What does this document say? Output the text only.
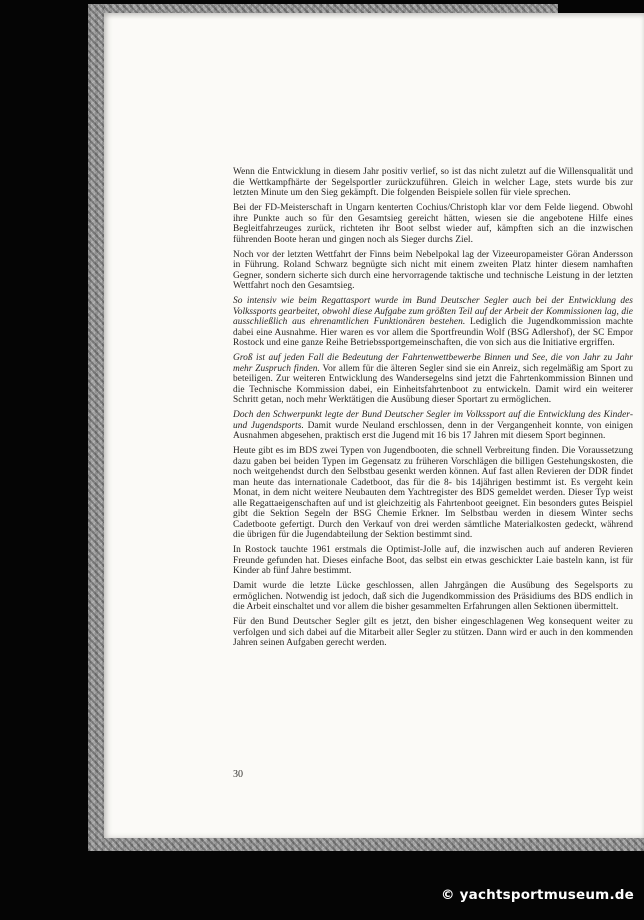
Wenn die Entwicklung in diesem Jahr positiv verlief, so ist das nicht zuletzt auf die Willensqualität und die Wettkampfhärte der Segelsportler zurückzuführen. Gleich in welcher Lage, stets wurde bis zur letzten Minute um den Sieg gekämpft. Die folgenden Beispiele sollen für viele sprechen.

Bei der FD-Meisterschaft in Ungarn kenterten Cochius/Christoph klar vor dem Felde liegend. Obwohl ihre Punkte auch so für den Gesamtsieg gereicht hätten, wiesen sie die angebotene Hilfe eines Begleitfahrzeuges zurück, richteten ihr Boot selbst wieder auf, kämpften sich an die inzwischen führenden Boote heran und gingen noch als Sieger durchs Ziel.

Noch vor der letzten Wettfahrt der Finns beim Nebelpokal lag der Vizeeuropameister Göran Andersson in Führung. Roland Schwarz begnügte sich nicht mit einem zweiten Platz hinter diesem namhaften Gegner, sondern sicherte sich durch eine hervorragende taktische und technische Leistung in der letzten Wettfahrt noch den Gesamtsieg.

So intensiv wie beim Regattasport wurde im Bund Deutscher Segler auch bei der Entwicklung des Volkssports gearbeitet, obwohl diese Aufgabe zum größten Teil auf der Arbeit der Kommissionen lag, die ausschließlich aus ehrenamtlichen Funktionären bestehen. Lediglich die Jugendkommission machte dabei eine Ausnahme. Hier waren es vor allem die Sportfreundin Wolf (BSG Adlershof), der SC Empor Rostock und eine ganze Reihe Betriebssportgemeinschaften, die von sich aus die Initiative ergriffen.

Groß ist auf jeden Fall die Bedeutung der Fahrtenwettbewerbe Binnen und See, die von Jahr zu Jahr mehr Zuspruch finden. Vor allem für die älteren Segler sind sie ein Anreiz, sich regelmäßig am Sport zu beteiligen. Zur weiteren Entwicklung des Wandersegelns sind jetzt die Fahrtenkommission Binnen und die Technische Kommission dabei, ein Einheitsfahrtenboot zu entwickeln. Damit wird ein weiterer Schritt getan, noch mehr Werktätigen die Ausübung dieser Sportart zu ermöglichen.

Doch den Schwerpunkt legte der Bund Deutscher Segler im Volkssport auf die Entwicklung des Kinder- und Jugendsports. Damit wurde Neuland erschlossen, denn in der Vergangenheit konnte, von einigen Ausnahmen abgesehen, praktisch erst die Jugend mit 16 bis 17 Jahren mit diesem Sport beginnen.

Heute gibt es im BDS zwei Typen von Jugendbooten, die schnell Verbreitung finden. Die Voraussetzung dazu gaben bei beiden Typen im Gegensatz zu früheren Vorschlägen die billigen Gestehungskosten, die noch weitgehendst durch den Selbstbau gesenkt werden können. Auf fast allen Revieren der DDR findet man heute das internationale Cadetboot, das für die 8- bis 14jährigen bestimmt ist. Es vergeht kein Monat, in dem nicht weitere Neubauten dem Yachtregister des BDS gemeldet werden. Dieser Typ weist alle Regattaeigenschaften auf und ist gleichzeitig als Fahrtenboot geeignet. Ein besonders gutes Beispiel gibt die Sektion Segeln der BSG Chemie Erkner. Im Selbstbau werden in diesem Winter sechs Cadetboote gefertigt. Durch den Verkauf von drei werden sämtliche Materialkosten gedeckt, während die übrigen für die Jugendabteilung der Sektion bestimmt sind.

In Rostock tauchte 1961 erstmals die Optimist-Jolle auf, die inzwischen auch auf anderen Revieren Freunde gefunden hat. Dieses einfache Boot, das selbst ein etwas geschickter Laie basteln kann, ist für Kinder ab fünf Jahre bestimmt.

Damit wurde die letzte Lücke geschlossen, allen Jahrgängen die Ausübung des Segelsports zu ermöglichen. Notwendig ist jedoch, daß sich die Jugendkommission des Präsidiums des BDS endlich in die Arbeit einschaltet und vor allem die bisher gesammelten Erfahrungen allen Sektionen übermittelt.

Für den Bund Deutscher Segler gilt es jetzt, den bisher eingeschlagenen Weg konsequent weiter zu verfolgen und sich dabei auf die Mitarbeit aller Segler zu stützen. Dann wird er auch in den kommenden Jahren seinen Aufgaben gerecht werden.

30
© yachtsportmuseum.de
